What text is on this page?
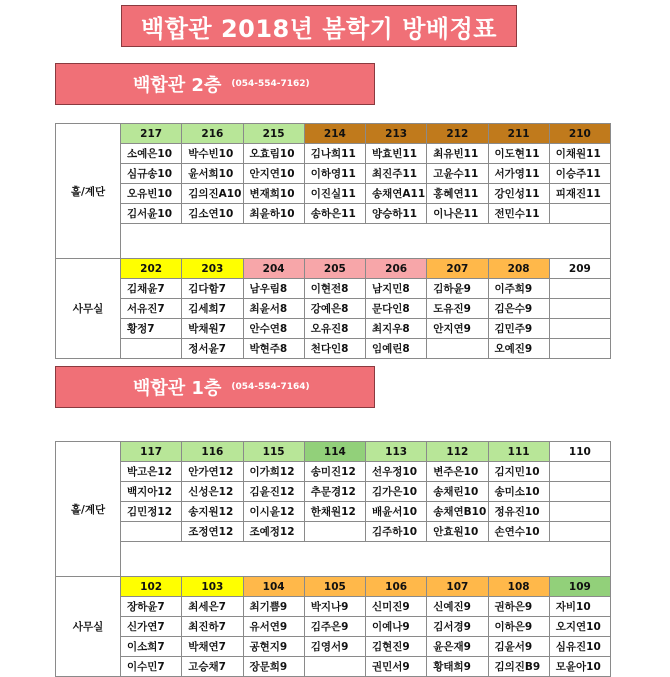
백합관 2018년 봄학기 방배정표
백합관 2층 (054-554-7162)
홀/계단	217	216	215	214	213	212	211	210
	소예은10	박수빈10	오효림10	김나희11	박효빈11	최유빈11	이도현11	이채원11
	심규송10	윤서희10	안지연10	이하영11	최진주11	고윤수11	서가영11	이승주11
	오유빈10	김의진A10	변재희10	이진실11	송채연A11	홍혜연11	강인성11	피재진11
	김서윤10	김소연10	최윤하10	송하은11	양승하11	이나은11	전민수11	

사무실	202	203	204	205	206	207	208	209
	김채윤7	김다함7	남우림8	이현전8	남지민8	김하윤9	이주희9	
	서유진7	김세희7	최윤서8	강예은8	문다인8	도유진9	김은수9	
	황정7	박채원7	안수연8	오유진8	최지우8	안지연9	김민주9	
		정서윤7	박현주8	천다인8	임예린8		오예진9	
백합관 1층 (054-554-7164)
홀/계단	117	116	115	114	113	112	111	110
	박고은12	안가연12	이가희12	송미진12	선우정10	변주은10	김지민10	
	백지아12	신성은12	김윤진12	추문경12	김가은10	송채린10	송미소10	
	김민정12	송지원12	이시윤12	한채원12	배윤서10	송채연B10	정유진10	
		조정연12	조예정12		김주하10	안효원10	손연수10	

사무실	102	103	104	105	106	107	108	109
	장하윤7	최세은7	최기쁨9	박지나9	신미진9	신예진9	권하은9	자비10
	신가연7	최진하7	유서연9	김주은9	이예나9	김서경9	이하은9	오지연10
	이소희7	박채연7	공현지9	김영서9	김현진9	윤은재9	김윤서9	심유진10
	이수민7	고승채7	장문희9		권민서9	황태희9	김의진B9	모윤아10
